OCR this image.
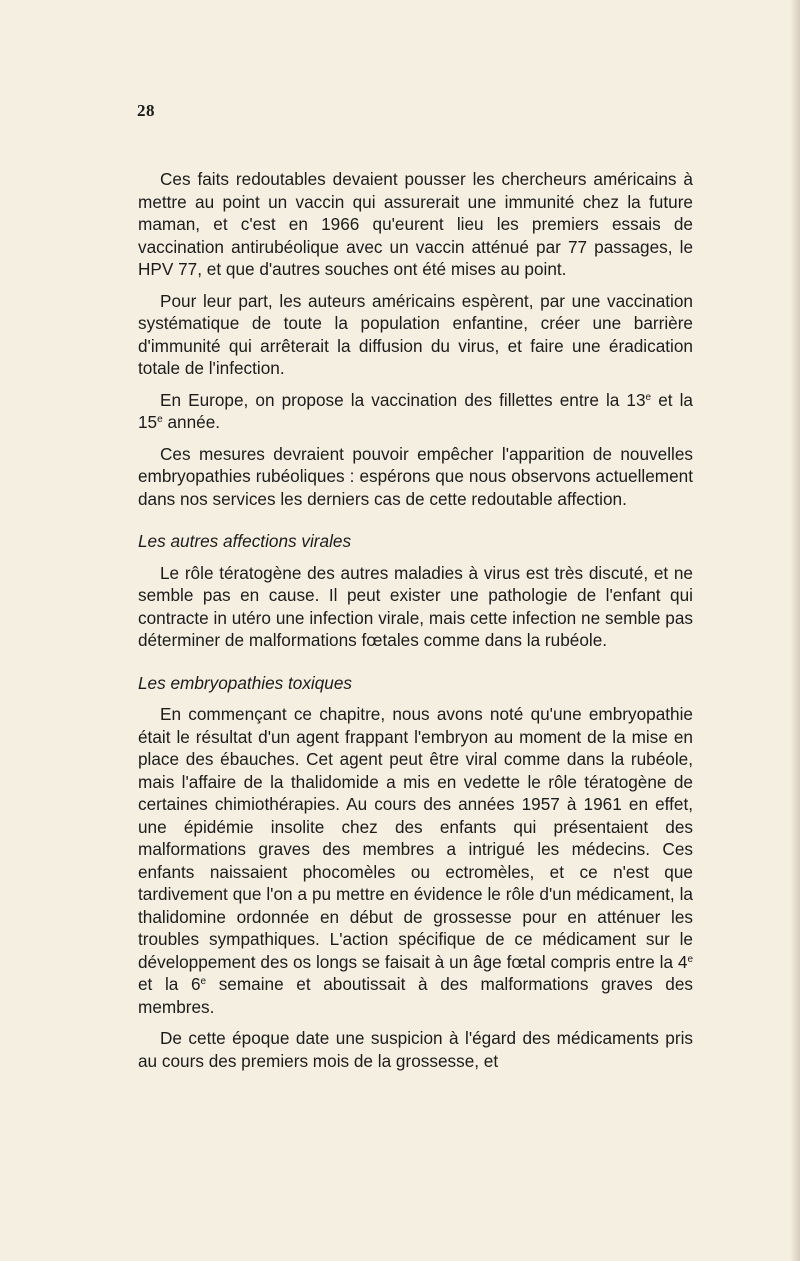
28

Ces faits redoutables devaient pousser les chercheurs américains à mettre au point un vaccin qui assurerait une immunité chez la future maman, et c'est en 1966 qu'eurent lieu les premiers essais de vaccination antirubéolique avec un vaccin atténué par 77 passages, le HPV 77, et que d'autres souches ont été mises au point.

Pour leur part, les auteurs américains espèrent, par une vaccination systématique de toute la population enfantine, créer une barrière d'immunité qui arrêterait la diffusion du virus, et faire une éradication totale de l'infection.

En Europe, on propose la vaccination des fillettes entre la 13e et la 15e année.

Ces mesures devraient pouvoir empêcher l'apparition de nouvelles embryopathies rubéoliques : espérons que nous observons actuellement dans nos services les derniers cas de cette redoutable affection.

Les autres affections virales

Le rôle tératogène des autres maladies à virus est très discuté, et ne semble pas en cause. Il peut exister une pathologie de l'enfant qui contracte in utéro une infection virale, mais cette infection ne semble pas déterminer de malformations fœtales comme dans la rubéole.

Les embryopathies toxiques

En commençant ce chapitre, nous avons noté qu'une embryopathie était le résultat d'un agent frappant l'embryon au moment de la mise en place des ébauches. Cet agent peut être viral comme dans la rubéole, mais l'affaire de la thalidomide a mis en vedette le rôle tératogène de certaines chimiothérapies. Au cours des années 1957 à 1961 en effet, une épidémie insolite chez des enfants qui présentaient des malformations graves des membres a intrigué les médecins. Ces enfants naissaient phocomèles ou ectromèles, et ce n'est que tardivement que l'on a pu mettre en évidence le rôle d'un médicament, la thalidomine ordonnée en début de grossesse pour en atténuer les troubles sympathiques. L'action spécifique de ce médicament sur le développement des os longs se faisait à un âge fœtal compris entre la 4e et la 6e semaine et aboutissait à des malformations graves des membres.

De cette époque date une suspicion à l'égard des médicaments pris au cours des premiers mois de la grossesse, et
